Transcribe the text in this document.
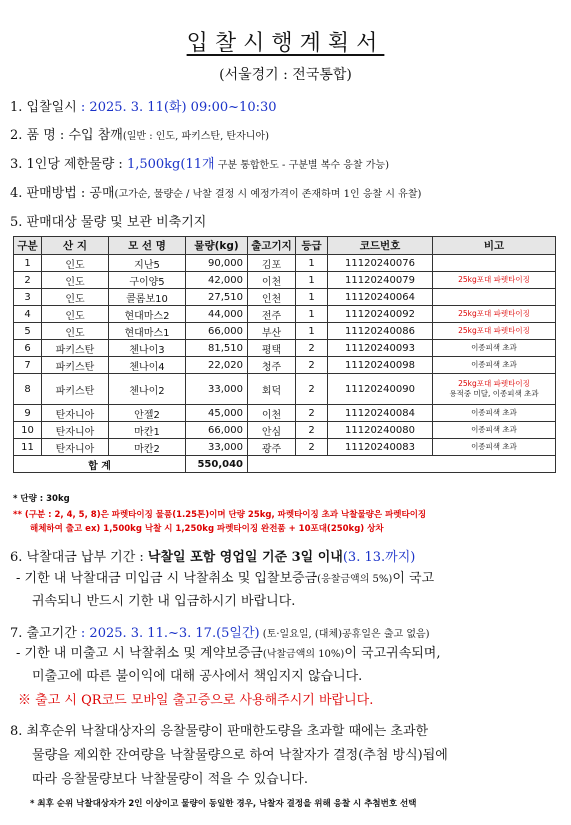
입찰시행계획서
(서울경기 : 전국통합)
1. 입찰일시 : 2025. 3. 11(화) 09:00~10:30
2. 품 명 : 수입 참깨(일반 : 인도, 파키스탄, 탄자니아)
3. 1인당 제한물량 : 1,500kg(11개 구분 통합한도 - 구분별 복수 응찰 가능)
4. 판매방법 : 공매(고가순, 물량순 / 낙찰 결정 시 예정가격이 존재하며 1인 응찰 시 유찰)
5. 판매대상 물량 및 보관 비축기지
구분	산 지	모 선 명	물량(kg)	출고기지	등급	코드번호	비고
1	인도	지난5	90,000	김포	1	11120240076	

2	인도	구이양5	42,000	이천	1	11120240079	25kg포대 파렛타이징

3	인도	콜롬보10	27,510	인천	1	11120240064	

4	인도	현대마스2	44,000	전주	1	11120240092	25kg포대 파렛타이징

5	인도	현대마스1	66,000	부산	1	11120240086	25kg포대 파렛타이징

6	파키스탄	첸나이3	81,510	평택	2	11120240093	이종피색 초과

7	파키스탄	첸나이4	22,020	청주	2	11120240098	이종피색 초과

8	파키스탄	첸나이2	33,000	회덕	2	11120240090	25kg포대 파렛타이징
용적중 미달, 이종피색 초과

9	탄자니아	안젤2	45,000	이천	2	11120240084	이종피색 초과

10	탄자니아	마칸1	66,000	안심	2	11120240080	이종피색 초과

11	탄자니아	마칸2	33,000	광주	2	11120240083	이종피색 초과

합 계			550,040				
* 단량 : 30kg
** (구분 : 2, 4, 5, 8)은 파렛타이징 물품(1.25톤)이며 단량 25kg, 파렛타이징 초과 낙찰물량은 파렛타이징
해체하여 출고 ex) 1,500kg 낙찰 시 1,250kg 파렛타이징 완전품 + 10포대(250kg) 상차
6. 낙찰대금 납부 기간 : 낙찰일 포함 영업일 기준 3일 이내(3. 13.까지)
- 기한 내 낙찰대금 미입금 시 낙찰취소 및 입찰보증금(응찰금액의 5%)이 국고
귀속되니 반드시 기한 내 입금하시기 바랍니다.
7. 출고기간 : 2025. 3. 11.~3. 17.(5일간) (토·일요일, (대체)공휴일은 출고 없음)
- 기한 내 미출고 시 낙찰취소 및 계약보증금(낙찰금액의 10%)이 국고귀속되며,
미출고에 따른 불이익에 대해 공사에서 책임지지 않습니다.
※ 출고 시 QR코드 모바일 출고증으로 사용해주시기 바랍니다.
8. 최후순위 낙찰대상자의 응찰물량이 판매한도량을 초과할 때에는 초과한
물량을 제외한 잔여량을 낙찰물량으로 하여 낙찰자가 결정(추첨 방식)됩에
따라 응찰물량보다 낙찰물량이 적을 수 있습니다.
* 최후 순위 낙찰대상자가 2인 이상이고 물량이 동일한 경우, 낙찰자 결정을 위해 응찰 시 추첨번호 선택
